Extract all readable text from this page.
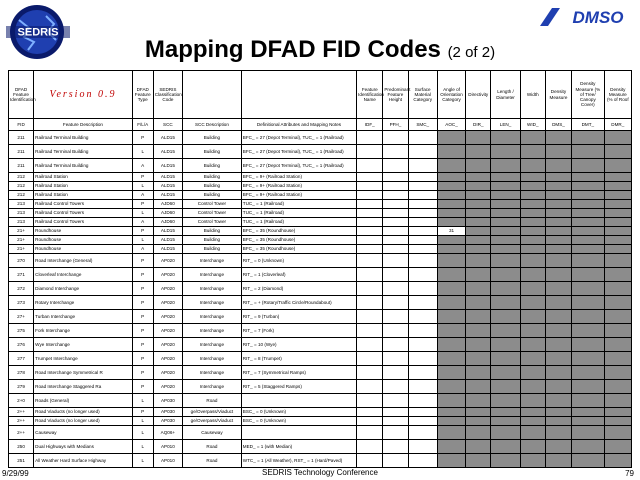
SEDRIS
DMSO
Mapping DFAD FID Codes (2 of 2)
DFAD Feature Identification	Version 0.9	DFAD Feature Type	SEDRIS Classification Code			Feature Identification Name	Predominant Feature Height	Surface Material Category	Angle of Orientation Category	Directivity	Length / Diameter	Width	Density Measure	Density Measure (% of Tree/ Canopy Cover)	Density Measure (% of Roof
FID	Feature Description	F/L/A	SCC	SCC Description	Definitional Attributes and Mapping Notes	IDF_	PFH_	SMC_	AOC_	DIR_	LEN_	WID_	DMS_	DMT_	DMR_
211	Railroad Terminal Building	P	ALD15	Building	BFC_ = 27 (Depot Terminal), TUC_ = 1 (Railroad)										
211	Railroad Terminal Building	L	ALD15	Building	BFC_ = 27 (Depot Terminal), TUC_ = 1 (Railroad)										
211	Railroad Terminal Building	A	ALD15	Building	BFC_ = 27 (Depot Terminal), TUC_ = 1 (Railroad)										
212	Railroad Station	P	ALD15	Building	BFC_ = 9+ (Railroad Station)										
212	Railroad Station	L	ALD15	Building	BFC_ = 9+ (Railroad Station)										
212	Railroad Station	A	ALD15	Building	BFC_ = 9+ (Railroad Station)										
213	Railroad Control Towers	P	AJD60	Control Tower	TUC_ = 1 (Railroad)										
213	Railroad Control Towers	L	AJD60	Control Tower	TUC_ = 1 (Railroad)										
213	Railroad Control Towers	A	AJD60	Control Tower	TUC_ = 1 (Railroad)										
21+	Roundhouse	P	ALD15	Building	BFC_ = 35 (Roundhouse)				31						
21+	Roundhouse	L	ALD15	Building	BFC_ = 35 (Roundhouse)										
21+	Roundhouse	A	ALD15	Building	BFC_ = 35 (Roundhouse)										
270	Road Interchange (General)	P	AP020	Interchange	RIT_ = 0 (Unknown)										
271	Cloverleaf Interchange	P	AP020	Interchange	RIT_ = 1 (Cloverleaf)										
272	Diamond Interchange	P	AP020	Interchange	RIT_ = 2 (Diamond)										
273	Rotary Interchange	P	AP020	Interchange	RIT_ = + (Rotary/Traffic Circle/Roundabout)										
27+	Turban Interchange	P	AP020	Interchange	RIT_ = 9 (Turban)										
275	Fork Interchange	P	AP020	Interchange	RIT_ = 7 (Fork)										
276	Wye Interchange	P	AP020	Interchange	RIT_ = 10 (Wye)										
277	Trumpet Interchange	P	AP020	Interchange	RIT_ = 8 (Trumpet)										
278	Road Interchange Symmetrical R	P	AP020	Interchange	RIT_ = 7 (Symmetrical Ramps)										
279	Road Interchange Staggered Ra	P	AP020	Interchange	RIT_ = 5 (Staggered Ramps)										
2+0	Roads (General)	L	AP030	Road											
2++	Road Viaducts (no longer used)	P	AP030	ge/Overpass/Viaduct	BSC_ = 0 (Unknown)										
2++	Road Viaducts (no longer used)	L	AP030	ge/Overpass/Viaduct	BSC_ = 0 (Unknown)										
2++	Causeway	L	AQ06+	Causeway											
250	Dual Highways with Medians	L	AP010	Road	MED_ = 1 (with Median)										
251	All Weather Hard Surface Highway	L	AP010	Road	WTC_ = 1 (All Weather), RST_ = 1 (Hard/Paved)										
9/29/99	SEDRIS Technology Conference	79
